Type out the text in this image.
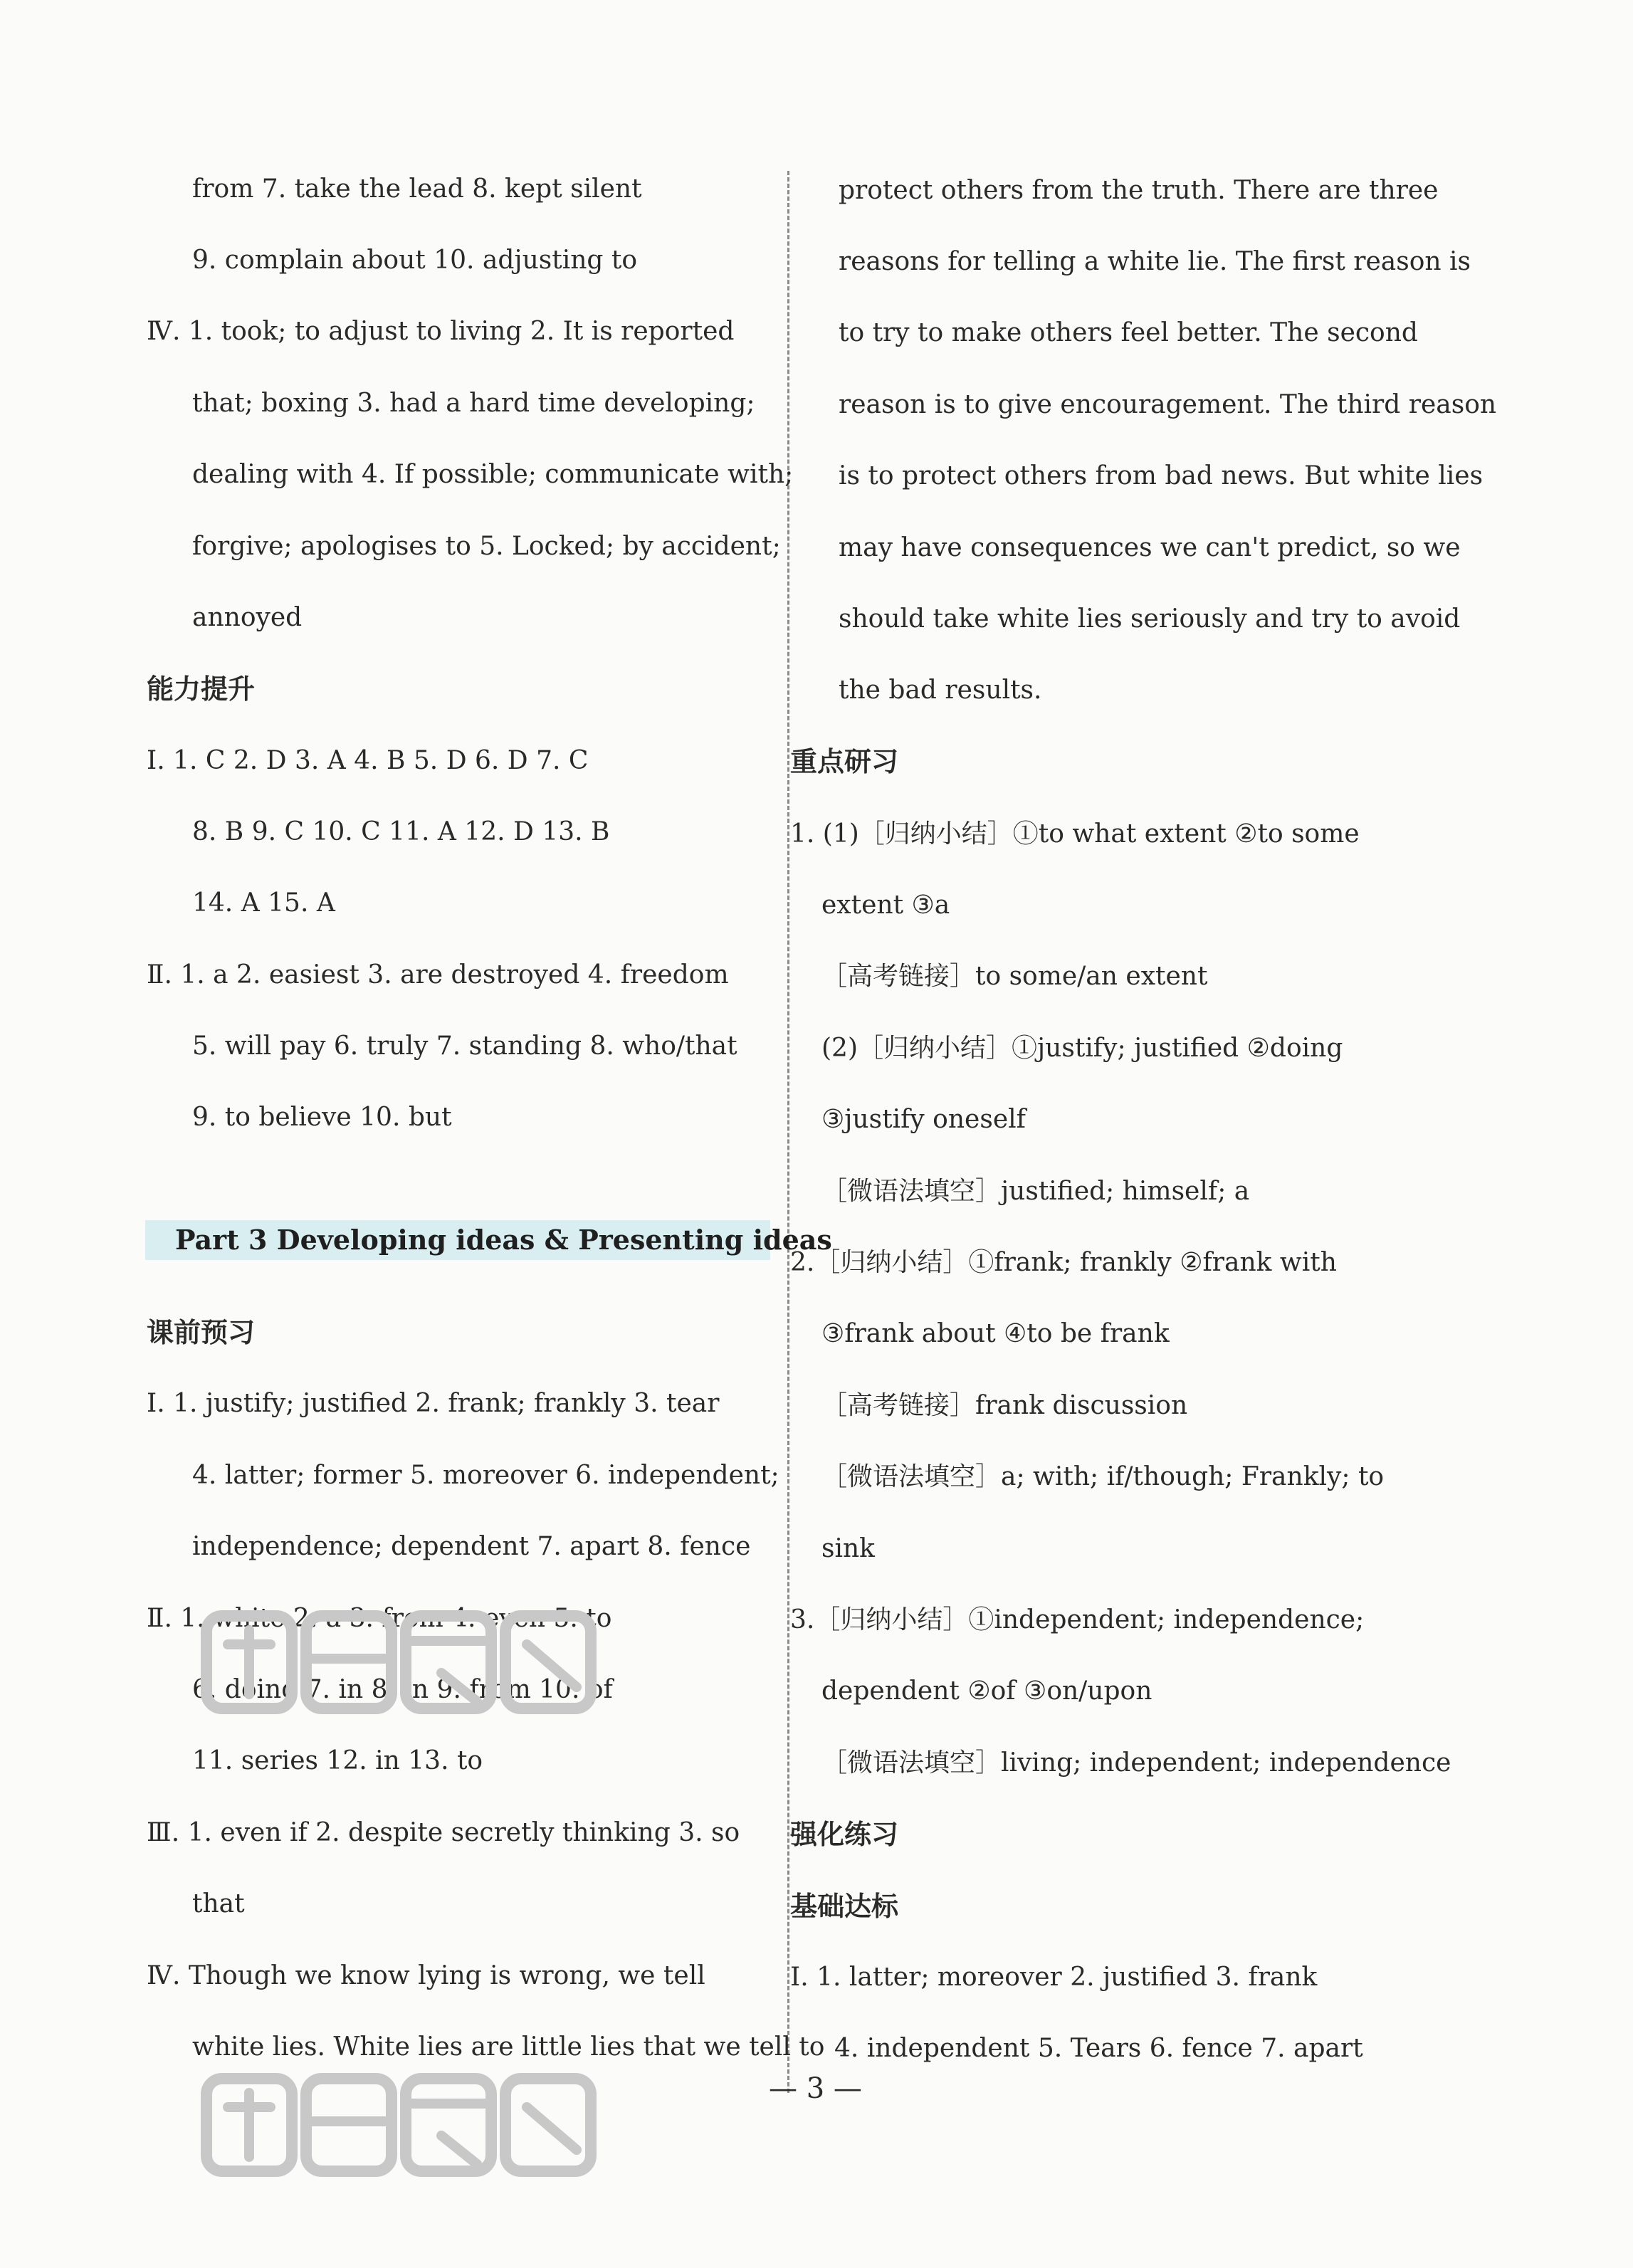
from 7. take the lead 8. kept silent
9. complain about 10. adjusting to
Ⅳ. 1. took; to adjust to living 2. It is reported
that; boxing 3. had a hard time developing;
dealing with 4. If possible; communicate with;
forgive; apologises to 5. Locked; by accident;
annoyed
能力提升
Ⅰ. 1. C 2. D 3. A 4. B 5. D 6. D 7. C
8. B 9. C 10. C 11. A 12. D 13. B
14. A 15. A
Ⅱ. 1. a 2. easiest 3. are destroyed 4. freedom
5. will pay 6. truly 7. standing 8. who/that
9. to believe 10. but
Part 3 Developing ideas & Presenting ideas
课前预习
Ⅰ. 1. justify; justified 2. frank; frankly 3. tear
4. latter; former 5. moreover 6. independent;
independence; dependent 7. apart 8. fence
Ⅱ. 1. white 2. a 3. from 4. even 5. to
6. doing 7. in 8. in 9. from 10. of
11. series 12. in 13. to
Ⅲ. 1. even if 2. despite secretly thinking 3. so
that
Ⅳ. Though we know lying is wrong, we tell
white lies. White lies are little lies that we tell to
protect others from the truth. There are three
reasons for telling a white lie. The first reason is
to try to make others feel better. The second
reason is to give encouragement. The third reason
is to protect others from bad news. But white lies
may have consequences we can't predict, so we
should take white lies seriously and try to avoid
the bad results.
重点研习
1. (1)［归纳小结］①to what extent ②to some
extent ③a
［高考链接］to some/an extent
(2)［归纳小结］①justify; justified ②doing
③justify oneself
［微语法填空］justified; himself; a
2.［归纳小结］①frank; frankly ②frank with
③frank about ④to be frank
［高考链接］frank discussion
［微语法填空］a; with; if/though; Frankly; to
sink
3.［归纳小结］①independent; independence;
dependent ②of ③on/upon
［微语法填空］living; independent; independence
强化练习
基础达标
Ⅰ. 1. latter; moreover 2. justified 3. frank
4. independent 5. Tears 6. fence 7. apart
— 3 —
